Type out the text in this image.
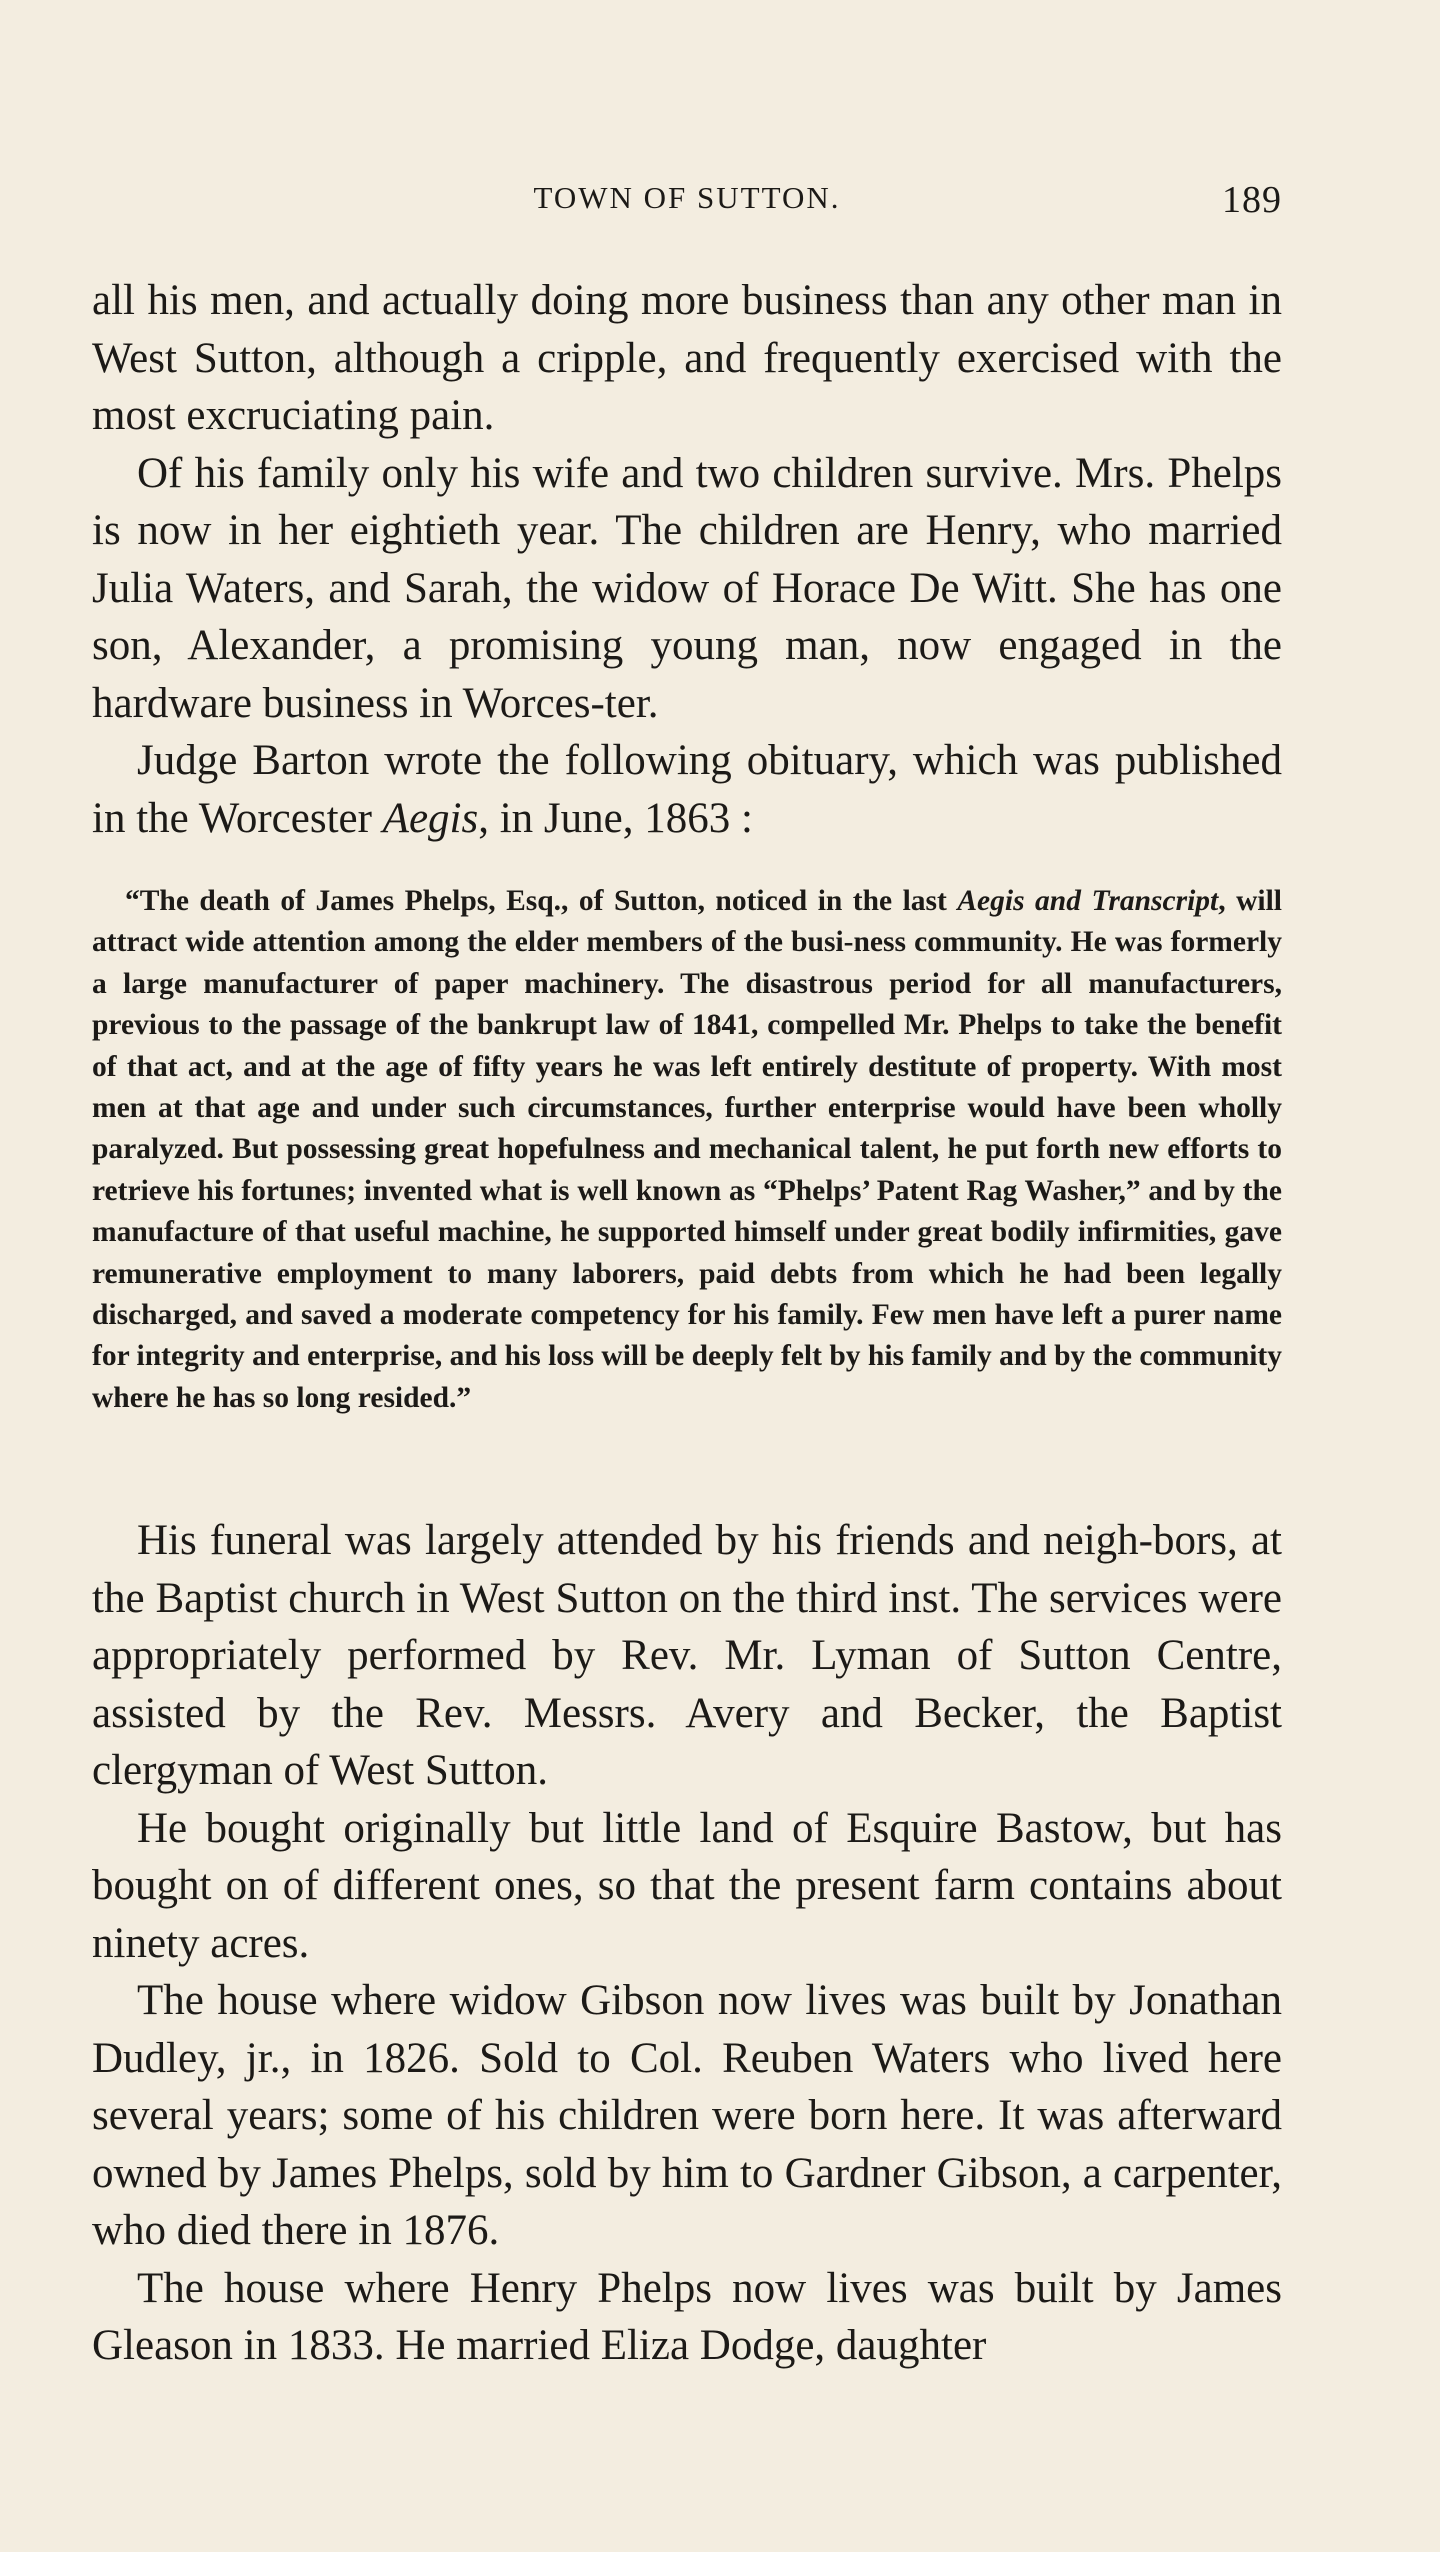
TOWN OF SUTTON.	189

all his men, and actually doing more business than any other man in West Sutton, although a cripple, and frequently exercised with the most excruciating pain.

Of his family only his wife and two children survive. Mrs. Phelps is now in her eightieth year. The children are Henry, who married Julia Waters, and Sarah, the widow of Horace De Witt. She has one son, Alexander, a promising young man, now engaged in the hardware business in Worces-ter.

Judge Barton wrote the following obituary, which was published in the Worcester Aegis, in June, 1863 :

“The death of James Phelps, Esq., of Sutton, noticed in the last Aegis and Transcript, will attract wide attention among the elder members of the busi-ness community. He was formerly a large manufacturer of paper machinery. The disastrous period for all manufacturers, previous to the passage of the bankrupt law of 1841, compelled Mr. Phelps to take the benefit of that act, and at the age of fifty years he was left entirely destitute of property. With most men at that age and under such circumstances, further enterprise would have been wholly paralyzed. But possessing great hopefulness and mechanical talent, he put forth new efforts to retrieve his fortunes; invented what is well known as “Phelps’ Patent Rag Washer,” and by the manufacture of that useful machine, he supported himself under great bodily infirmities, gave remunerative employment to many laborers, paid debts from which he had been legally discharged, and saved a moderate competency for his family. Few men have left a purer name for integrity and enterprise, and his loss will be deeply felt by his family and by the community where he has so long resided.”

His funeral was largely attended by his friends and neigh-bors, at the Baptist church in West Sutton on the third inst. The services were appropriately performed by Rev. Mr. Lyman of Sutton Centre, assisted by the Rev. Messrs. Avery and Becker, the Baptist clergyman of West Sutton.

He bought originally but little land of Esquire Bastow, but has bought on of different ones, so that the present farm contains about ninety acres.

The house where widow Gibson now lives was built by Jonathan Dudley, jr., in 1826. Sold to Col. Reuben Waters who lived here several years; some of his children were born here. It was afterward owned by James Phelps, sold by him to Gardner Gibson, a carpenter, who died there in 1876.

The house where Henry Phelps now lives was built by James Gleason in 1833. He married Eliza Dodge, daughter
